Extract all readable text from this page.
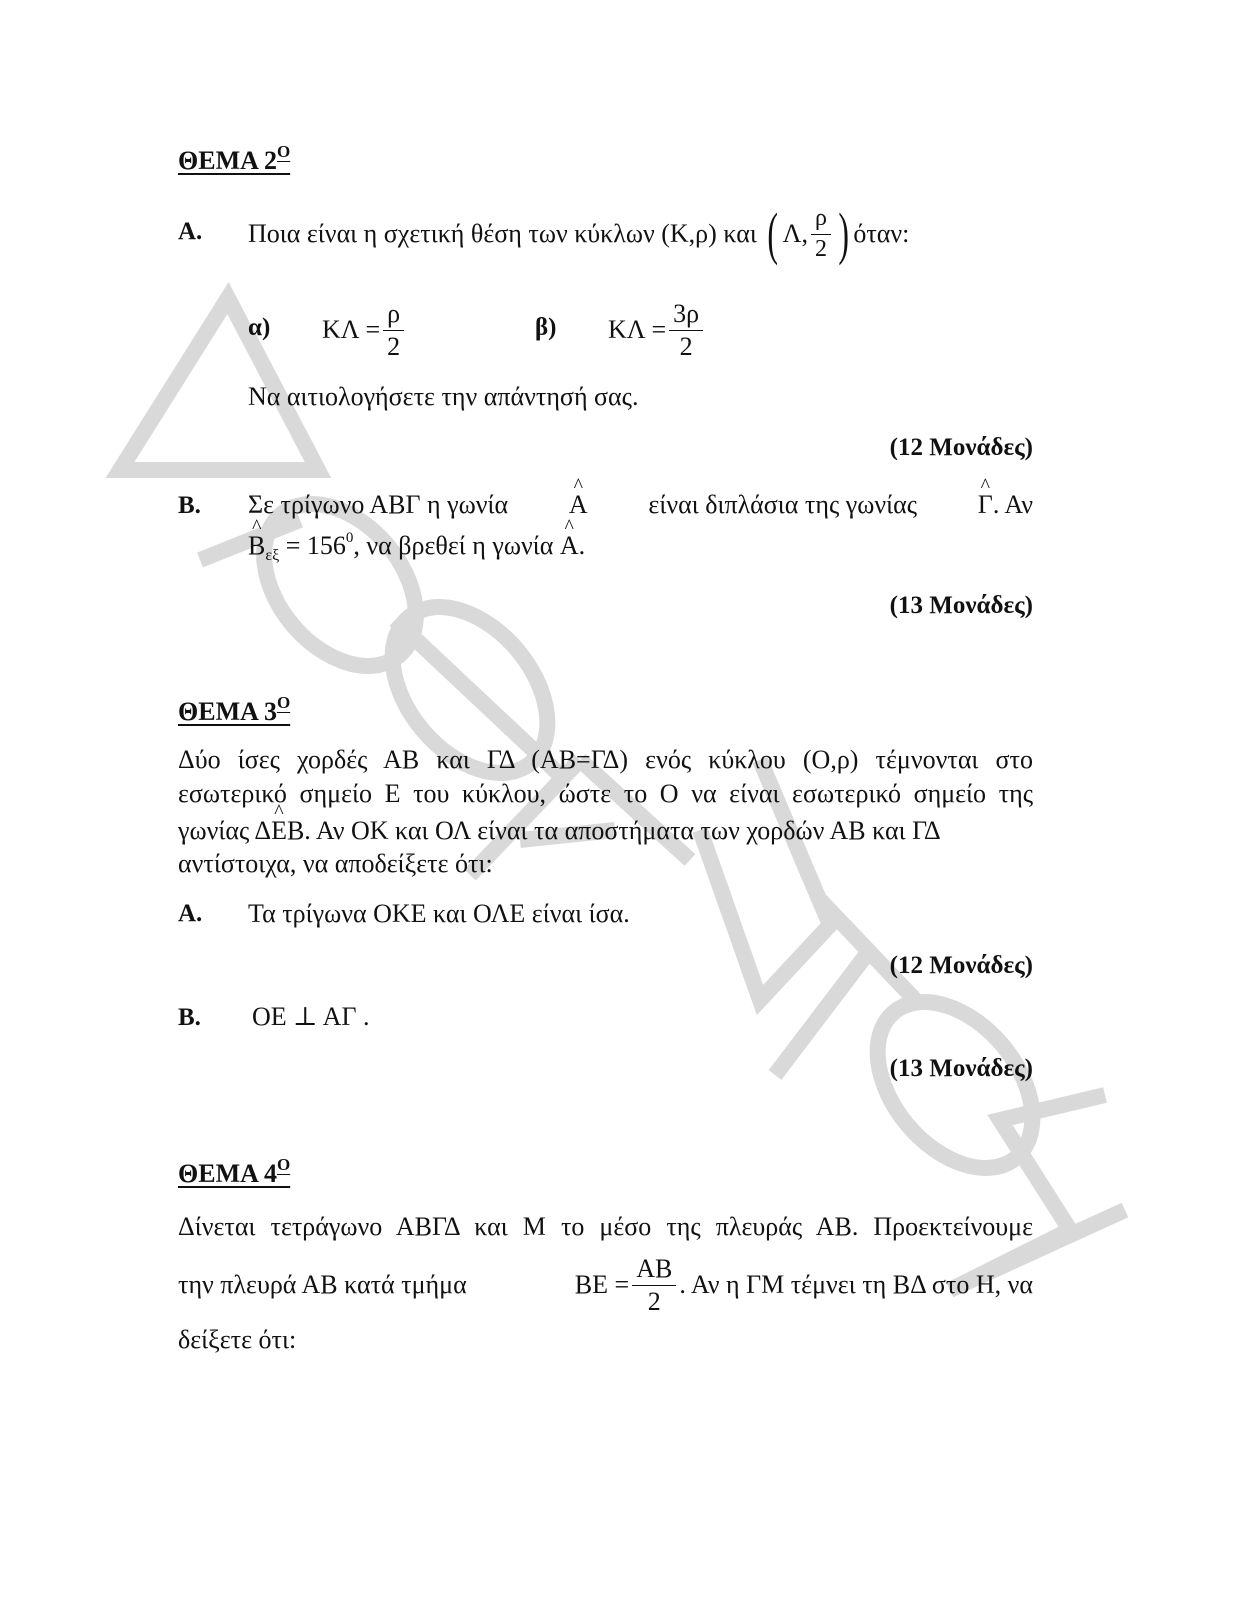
ΘΕΜΑ $2^O$
Α. Ποια είναι η σχετική θέση των κύκλων
(Κ,ρ)
και
( Λ, $\frac{\rho}{2}$ ) όταν:
α) $K\Lambda = \frac{\rho}{2}$	β) $K\Lambda = \frac{3\rho}{2}$
Να αιτιολογήσετε την απάντησή σας.
(12 Μονάδες)
Β. Σε τρίγωνο ΑΒΓ η γωνία ^ Α είναι διπλάσια της γωνίας ^ Γ. Αν
^ $B_{\varepsilon\xi} = 156^0$, να βρεθεί η γωνία ^ Α.
(13 Μονάδες)
ΘΕΜΑ $3^O$
Δύο ίσες χορδές ΑΒ και ΓΔ (ΑΒ=ΓΔ) ενός κύκλου (Ο,ρ) τέμνονται στο
εσωτερικό σημείο Ε του κύκλου, ώστε το Ο να είναι εσωτερικό σημείο της
γωνίας Δ^ ΕΒ. Αν ΟΚ και ΟΛ είναι τα αποστήματα των χορδών ΑΒ και ΓΔ
αντίστοιχα, να αποδείξετε ότι:
Α. Τα τρίγωνα ΟΚΕ και ΟΛΕ είναι ίσα.
(12 Μονάδες)
Β. ΟΕ ⊥ ΑΓ .
(13 Μονάδες)
ΘΕΜΑ $4^O$
Δίνεται τετράγωνο ΑΒΓΔ και Μ το μέσο της πλευράς ΑΒ. Προεκτείνουμε
την πλευρά ΑΒ κατά τμήμα	$BE = \frac{AB}{2}$ . Αν η ΓΜ τέμνει τη ΒΔ στο Η, να
δείξετε ότι:
